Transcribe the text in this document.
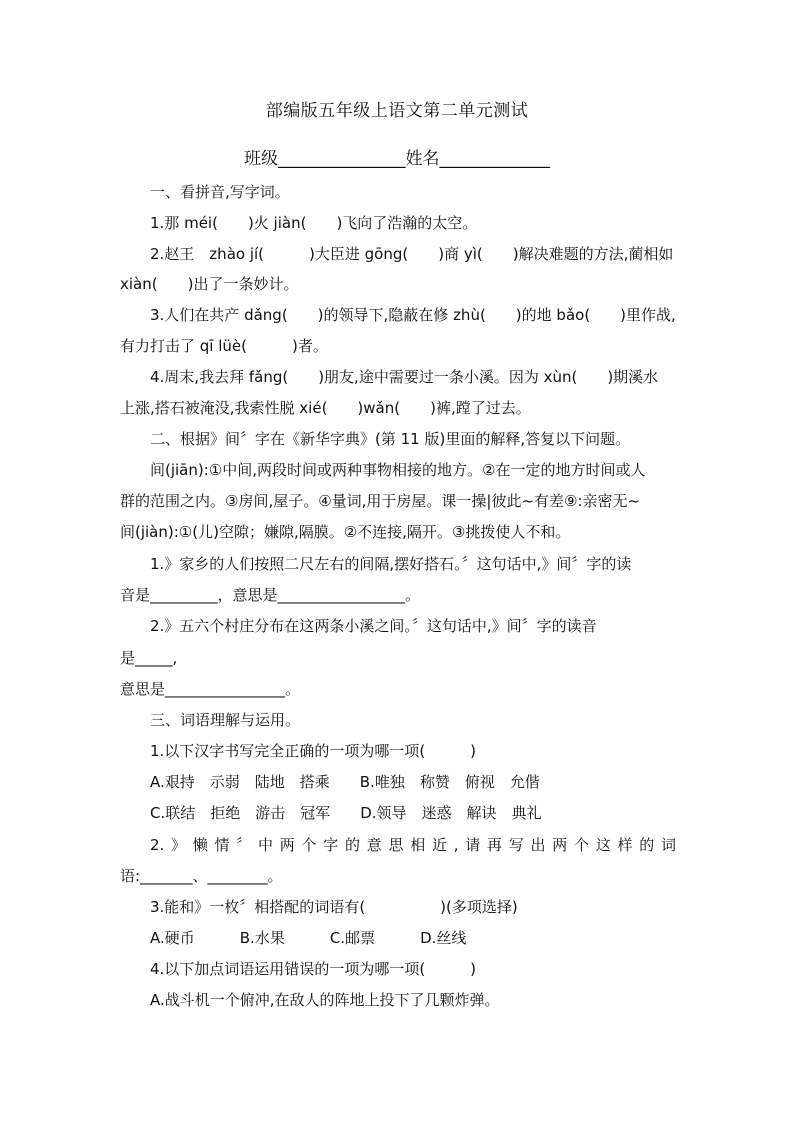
部编版五年级上语文第二单元测试
班级_______________姓名_____________
一、看拼音,写字词。
1.那 méi(　　)火 jiàn(　　)飞向了浩瀚的太空。
2.赵王　zhào jí(　　　)大臣进 gōng(　　)商 yì(　　)解决难题的方法,蔺相如
xiàn(　　)出了一条妙计。
3.人们在共产 dǎng(　　)的领导下,隐蔽在修 zhù(　　)的地 bǎo(　　)里作战,
有力打击了 qī lüè(　　　)者。
4.周末,我去拜 fǎng(　　)朋友,途中需要过一条小溪。因为 xùn(　　)期溪水
上涨,搭石被淹没,我索性脱 xié(　　)wǎn(　　)裤,蹚了过去。
二、根据》间〞字在《新华字典》(第 11 版)里面的解释,答复以下问题。
间(jiān):①中间,两段时间或两种事物相接的地方。②在一定的地方时间或人
群的范围之内。③房间,屋子。④量词,用于房屋。课一操|彼此~有差⑨:亲密无~
间(jiàn):①(儿)空隙；嫌隙,隔膜。②不连接,隔开。③挑拨使人不和。
1.》家乡的人们按照二尺左右的间隔,摆好搭石。〞这句话中,》间〞字的读
音是_________，意思是_________________。
2.》五六个村庄分布在这两条小溪之间。〞这句话中,》间〞字的读音
是_____,
意思是________________。
三、词语理解与运用。
1.以下汉字书写完全正确的一项为哪一项(　　　)
A.艰持　示弱　陆地　搭乘　　B.唯独　称赞　俯视　允偕
C.联结　拒绝　游击　冠军　　D.领导　迷惑　解诀　典礼
2.》懒情〞中两个字的意思相近,请再写出两个这样的词
语:_______、________。
3.能和》一枚〞相搭配的词语有(　　　　　)(多项选择)
A.硬币　　　B.水果　　　C.邮票　　　D.丝线
4.以下加点词语运用错误的一项为哪一项(　　　)
A.战斗机一个俯冲,在敌人的阵地上投下了几颗炸弹。
